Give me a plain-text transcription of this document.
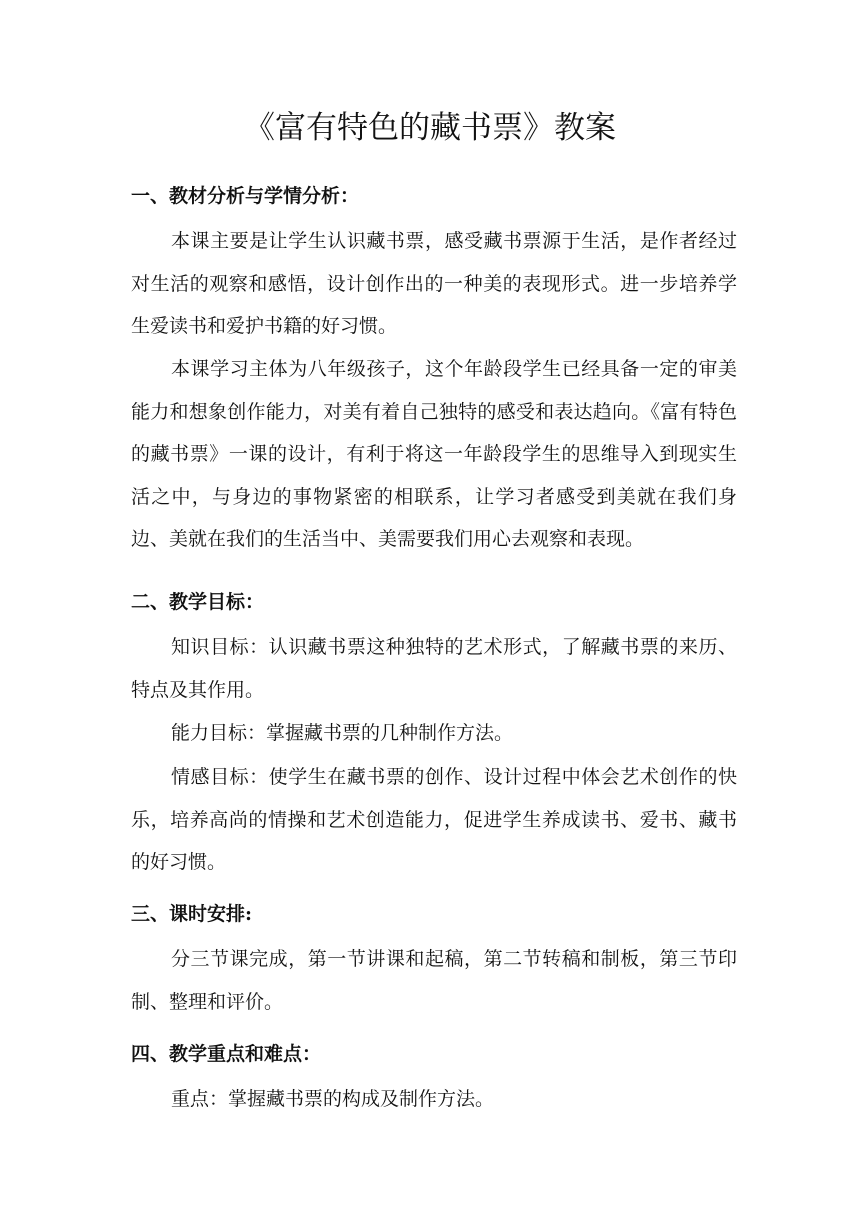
《富有特色的藏书票》教案
一、教材分析与学情分析：

本课主要是让学生认识藏书票，感受藏书票源于生活，是作者经过对生活的观察和感悟，设计创作出的一种美的表现形式。进一步培养学生爱读书和爱护书籍的好习惯。

本课学习主体为八年级孩子，这个年龄段学生已经具备一定的审美能力和想象创作能力，对美有着自己独特的感受和表达趋向。《富有特色的藏书票》一课的设计，有利于将这一年龄段学生的思维导入到现实生活之中，与身边的事物紧密的相联系，让学习者感受到美就在我们身边、美就在我们的生活当中、美需要我们用心去观察和表现。

二、教学目标：

知识目标：认识藏书票这种独特的艺术形式，了解藏书票的来历、特点及其作用。

能力目标：掌握藏书票的几种制作方法。

情感目标：使学生在藏书票的创作、设计过程中体会艺术创作的快乐，培养高尚的情操和艺术创造能力，促进学生养成读书、爱书、藏书的好习惯。

三、课时安排:

分三节课完成，第一节讲课和起稿，第二节转稿和制板，第三节印制、整理和评价。

四、教学重点和难点：

重点：掌握藏书票的构成及制作方法。
